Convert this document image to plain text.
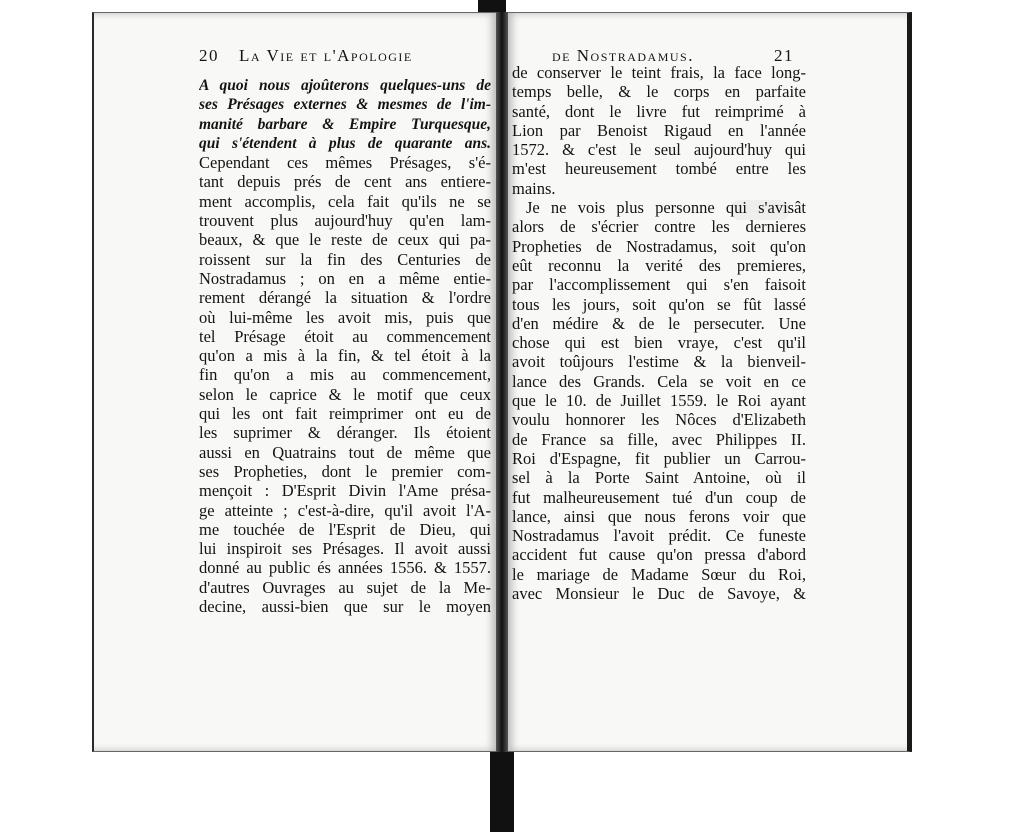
20 La Vie et l'Apologie	de Nostradamus.	21
A quoi nous ajoûterons quelques-uns de
ses Présages externes & mesmes de l'im-
manité barbare & Empire Turquesque,
qui s'étendent à plus de quarante ans.
Cependant ces mêmes Présages, s'é-
tant depuis prés de cent ans entiere-
ment accomplis, cela fait qu'ils ne se
trouvent plus aujourd'huy qu'en lam-
beaux, & que le reste de ceux qui pa-
roissent sur la fin des Centuries de
Nostradamus ; on en a même entie-
rement dérangé la situation & l'ordre
où lui-même les avoit mis, puis que
tel Présage étoit au commencement
qu'on a mis à la fin, & tel étoit à la
fin qu'on a mis au commencement,
selon le caprice & le motif que ceux
qui les ont fait reimprimer ont eu de
les suprimer & déranger. Ils étoient
aussi en Quatrains tout de même que
ses Propheties, dont le premier com-
mençoit : D'Esprit Divin l'Ame présa-
ge atteinte ; c'est-à-dire, qu'il avoit l'A-
me touchée de l'Esprit de Dieu, qui
lui inspiroit ses Présages. Il avoit aussi
donné au public és années 1556. & 1557.
d'autres Ouvrages au sujet de la Me-
decine, aussi-bien que sur le moyen
de conserver le teint frais, la face long-
temps belle, & le corps en parfaite
santé, dont le livre fut reimprimé à
Lion par Benoist Rigaud en l'année
1572. & c'est le seul aujourd'huy qui
m'est heureusement tombé entre les
mains.
Je ne vois plus personne qui s'avisât
alors de s'écrier contre les dernieres
Propheties de Nostradamus, soit qu'on
eût reconnu la verité des premieres,
par l'accomplissement qui s'en faisoit
tous les jours, soit qu'on se fût lassé
d'en médire & de le persecuter. Une
chose qui est bien vraye, c'est qu'il
avoit toûjours l'estime & la bienveil-
lance des Grands. Cela se voit en ce
que le 10. de Juillet 1559. le Roi ayant
voulu honnorer les Nôces d'Elizabeth
de France sa fille, avec Philippes II.
Roi d'Espagne, fit publier un Carrou-
sel à la Porte Saint Antoine, où il
fut malheureusement tué d'un coup de
lance, ainsi que nous ferons voir que
Nostradamus l'avoit prédit. Ce funeste
accident fut cause qu'on pressa d'abord
le mariage de Madame Sœur du Roi,
avec Monsieur le Duc de Savoye, &
